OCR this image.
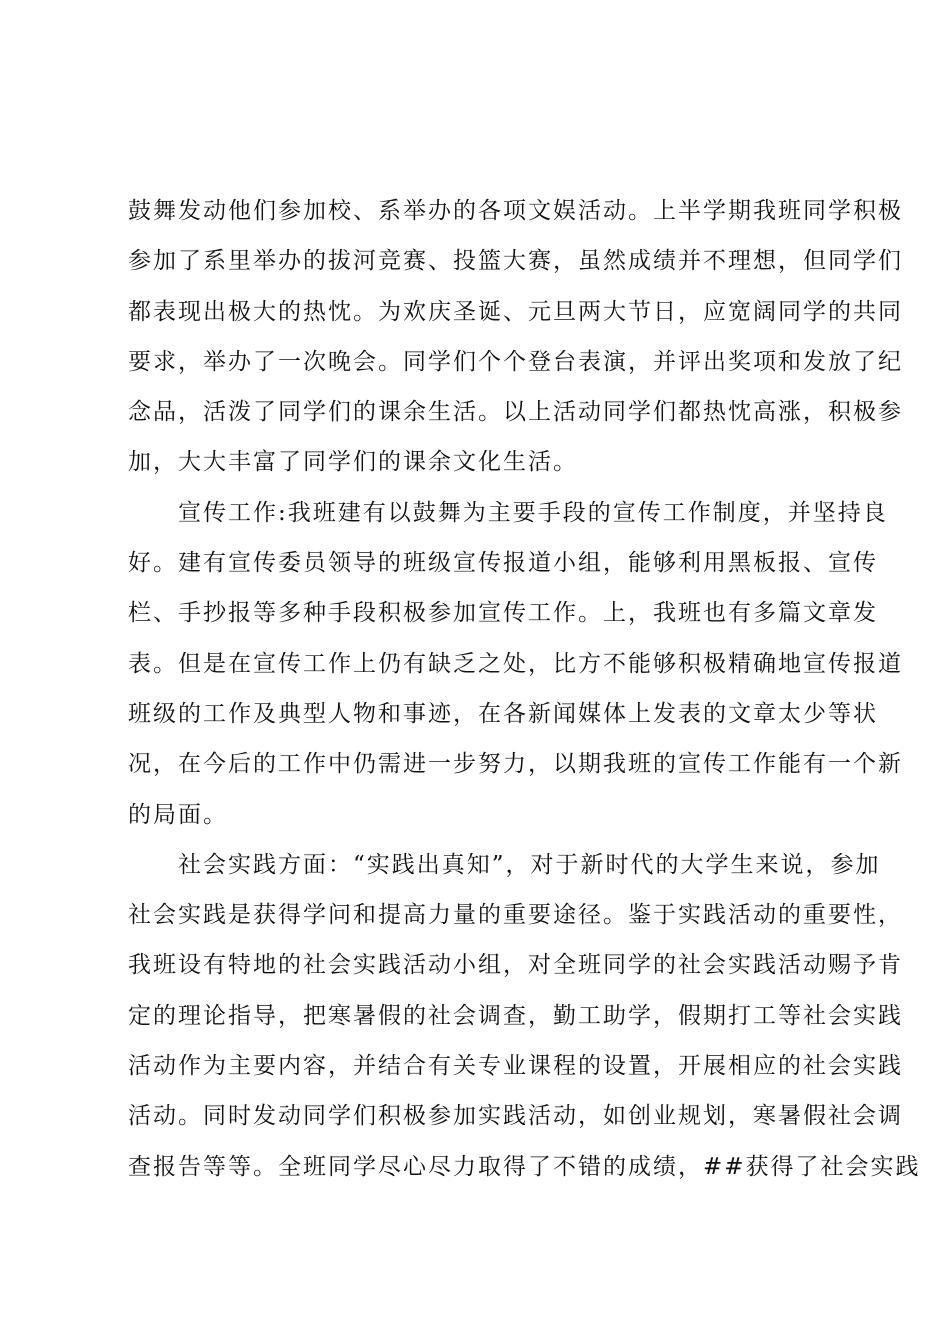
鼓舞发动他们参加校、系举办的各项文娱活动。上半学期我班同学积极
参加了系里举办的拔河竞赛、投篮大赛，虽然成绩并不理想，但同学们
都表现出极大的热忱。为欢庆圣诞、元旦两大节日，应宽阔同学的共同
要求，举办了一次晚会。同学们个个登台表演，并评出奖项和发放了纪
念品，活泼了同学们的课余生活。以上活动同学们都热忱高涨，积极参
加，大大丰富了同学们的课余文化生活。

宣传工作:我班建有以鼓舞为主要手段的宣传工作制度，并坚持良
好。建有宣传委员领导的班级宣传报道小组，能够利用黑板报、宣传
栏、手抄报等多种手段积极参加宣传工作。上，我班也有多篇文章发
表。但是在宣传工作上仍有缺乏之处，比方不能够积极精确地宣传报道
班级的工作及典型人物和事迹，在各新闻媒体上发表的文章太少等状
况，在今后的工作中仍需进一步努力，以期我班的宣传工作能有一个新
的局面。

社会实践方面：“实践出真知”，对于新时代的大学生来说，参加
社会实践是获得学问和提高力量的重要途径。鉴于实践活动的重要性，
我班设有特地的社会实践活动小组，对全班同学的社会实践活动赐予肯
定的理论指导，把寒暑假的社会调查，勤工助学，假期打工等社会实践
活动作为主要内容，并结合有关专业课程的设置，开展相应的社会实践
活动。同时发动同学们积极参加实践活动，如创业规划，寒暑假社会调
查报告等等。全班同学尽心尽力取得了不错的成绩，##获得了社会实践
